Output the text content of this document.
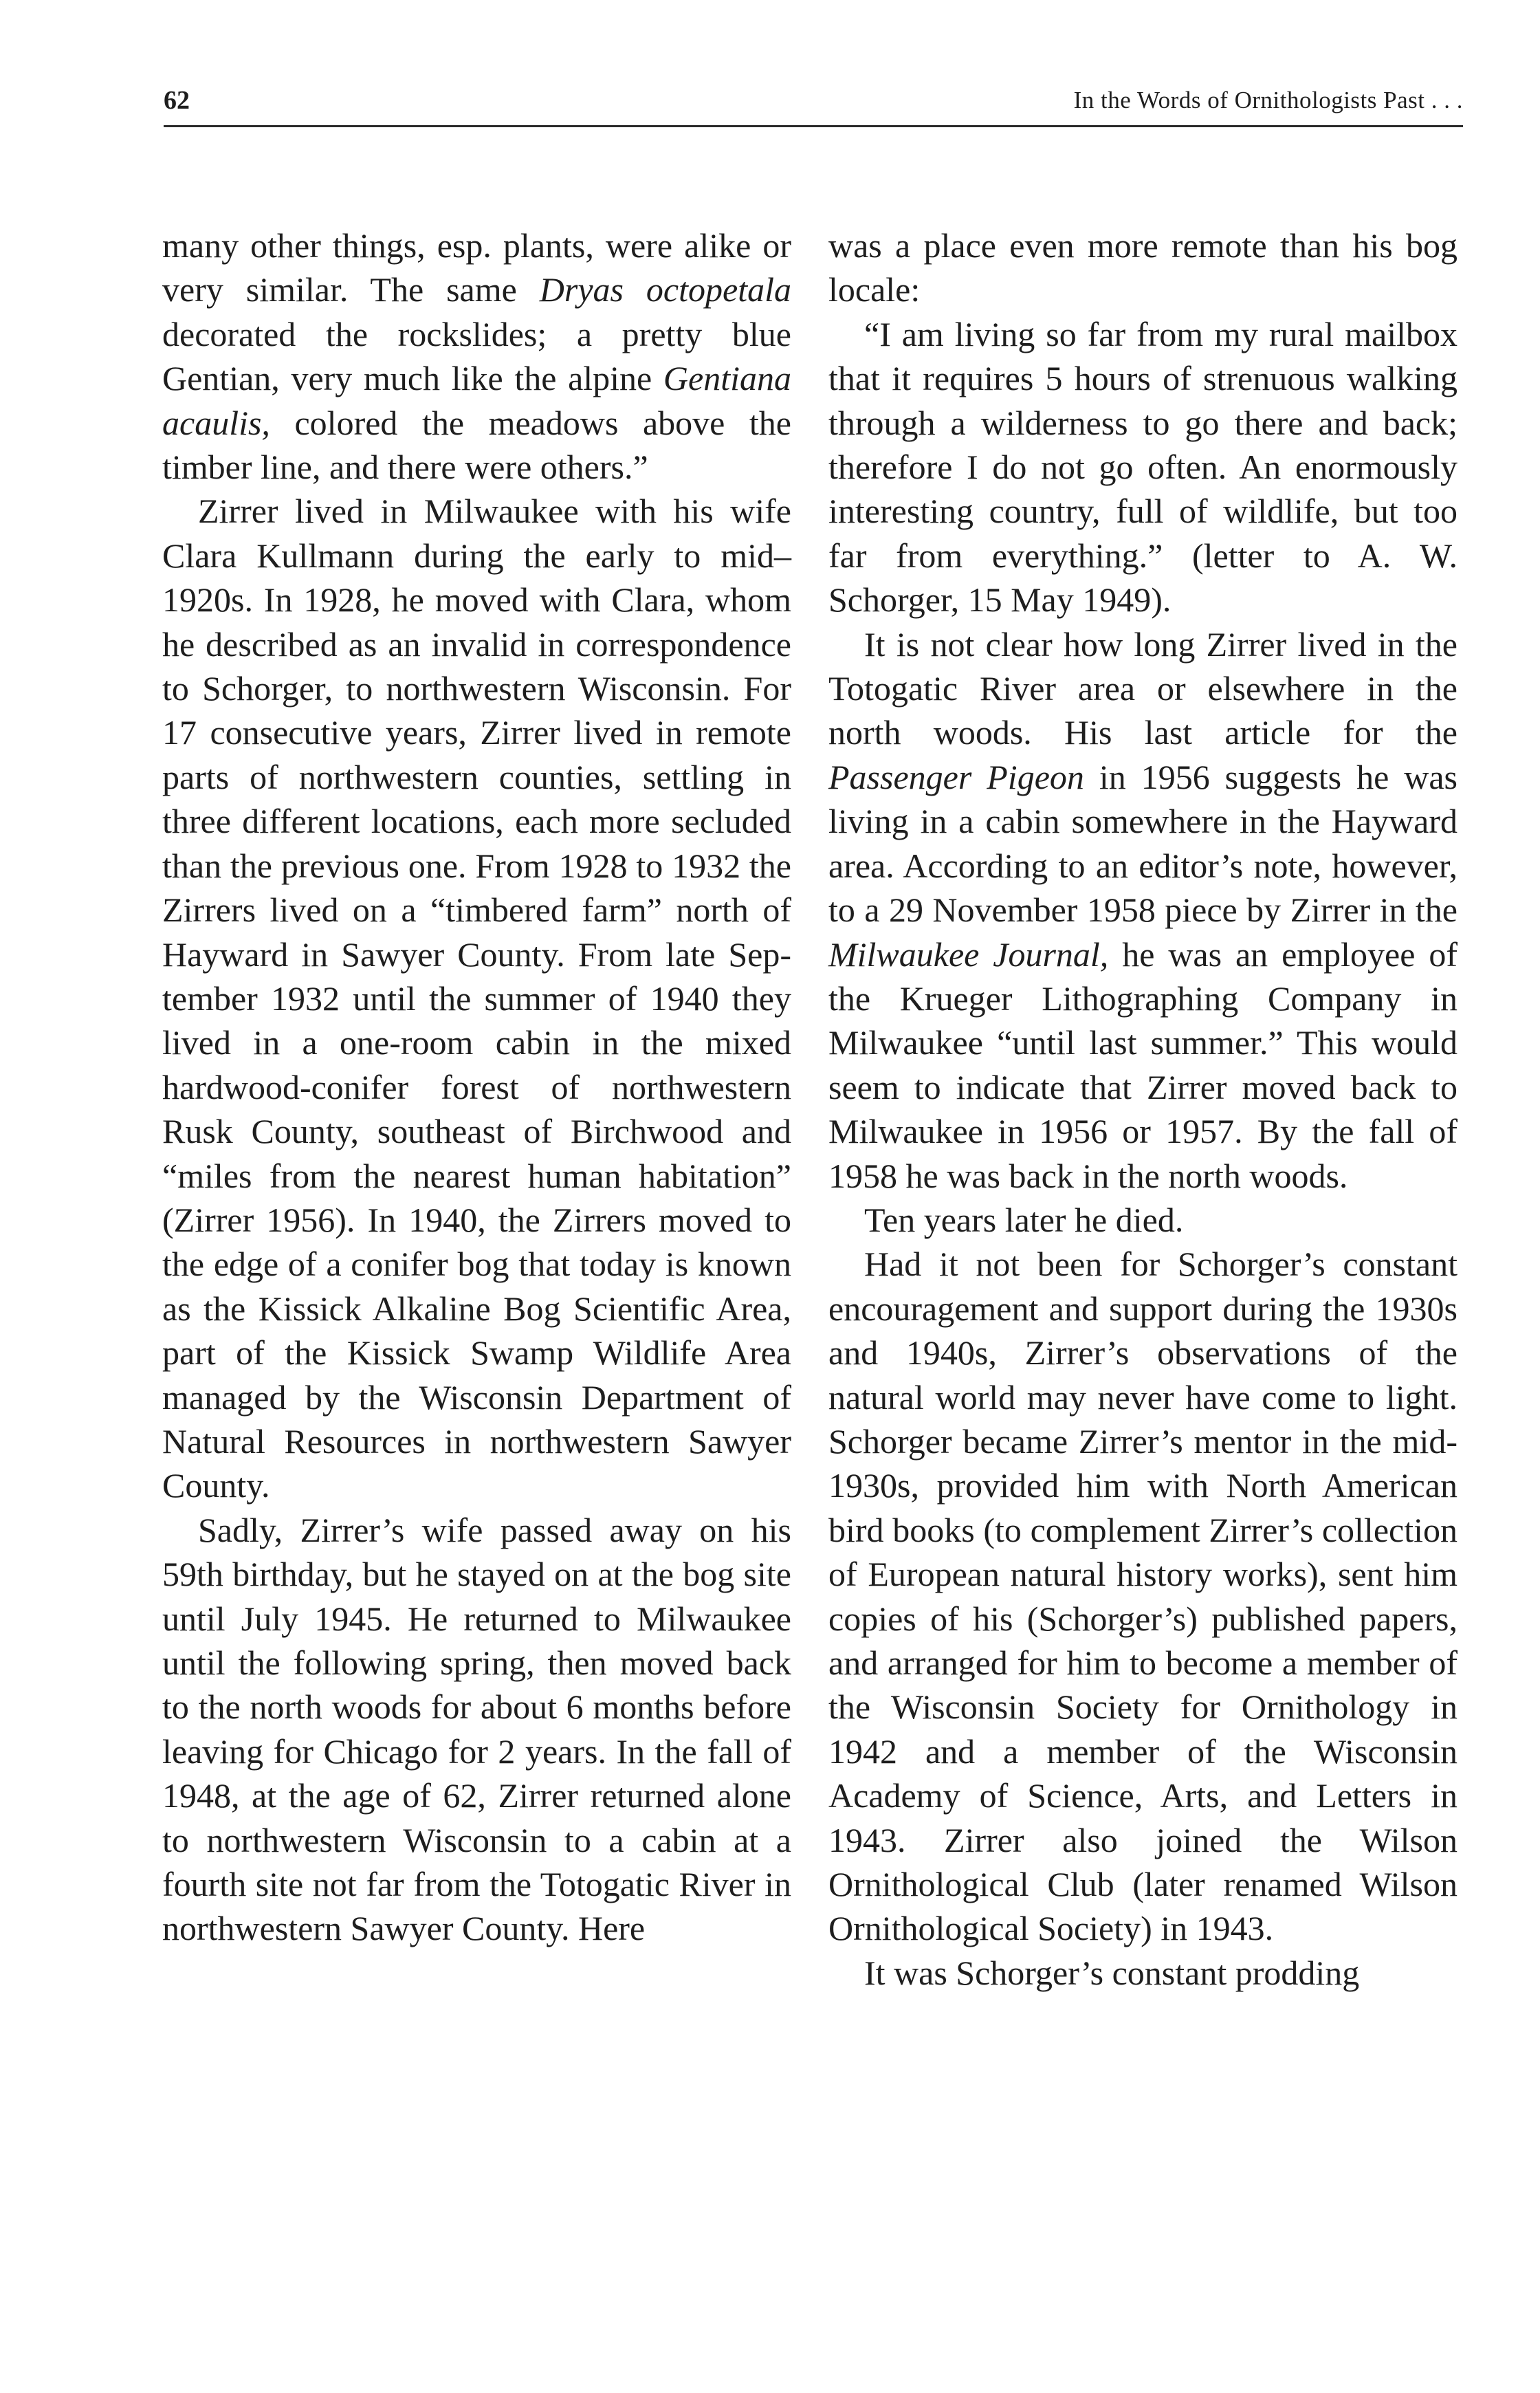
62	In the Words of Ornithologists Past . . .

many other things, esp. plants, were alike or very similar. The same Dryas octopetala decorated the rockslides; a pretty blue Gentian, very much like the alpine Gentiana acaulis, colored the meadows above the timber line, and there were others.”

Zirrer lived in Milwaukee with his wife Clara Kullmann during the early to mid–1920s. In 1928, he moved with Clara, whom he described as an invalid in correspondence to Schorger, to northwestern Wisconsin. For 17 consecutive years, Zirrer lived in remote parts of northwestern counties, settling in three different locations, each more secluded than the previous one. From 1928 to 1932 the Zirrers lived on a “timbered farm” north of Hayward in Sawyer County. From late September 1932 until the summer of 1940 they lived in a one-room cabin in the mixed hardwood-conifer forest of northwestern Rusk County, southeast of Birchwood and “miles from the nearest human habitation” (Zirrer 1956). In 1940, the Zirrers moved to the edge of a conifer bog that today is known as the Kissick Alkaline Bog Scientific Area, part of the Kissick Swamp Wildlife Area managed by the Wisconsin Department of Natural Resources in northwestern Sawyer County.

Sadly, Zirrer’s wife passed away on his 59th birthday, but he stayed on at the bog site until July 1945. He returned to Milwaukee until the following spring, then moved back to the north woods for about 6 months before leaving for Chicago for 2 years. In the fall of 1948, at the age of 62, Zirrer returned alone to northwestern Wisconsin to a cabin at a fourth site not far from the Totogatic River in northwestern Sawyer County. Here

was a place even more remote than his bog locale:

“I am living so far from my rural mailbox that it requires 5 hours of strenuous walking through a wilderness to go there and back; therefore I do not go often. An enormously interesting country, full of wildlife, but too far from everything.” (letter to A. W. Schorger, 15 May 1949).

It is not clear how long Zirrer lived in the Totogatic River area or elsewhere in the north woods. His last article for the Passenger Pigeon in 1956 suggests he was living in a cabin somewhere in the Hayward area. According to an editor’s note, however, to a 29 November 1958 piece by Zirrer in the Milwaukee Journal, he was an employee of the Krueger Lithographing Company in Milwaukee “until last summer.” This would seem to indicate that Zirrer moved back to Milwaukee in 1956 or 1957. By the fall of 1958 he was back in the north woods.

Ten years later he died.

Had it not been for Schorger’s constant encouragement and support during the 1930s and 1940s, Zirrer’s observations of the natural world may never have come to light. Schorger became Zirrer’s mentor in the mid-1930s, provided him with North American bird books (to complement Zirrer’s collection of European natural history works), sent him copies of his (Schorger’s) published papers, and arranged for him to become a member of the Wisconsin Society for Ornithology in 1942 and a member of the Wisconsin Academy of Science, Arts, and Letters in 1943. Zirrer also joined the Wilson Ornithological Club (later renamed Wilson Ornithological Society) in 1943.

It was Schorger’s constant prodding
